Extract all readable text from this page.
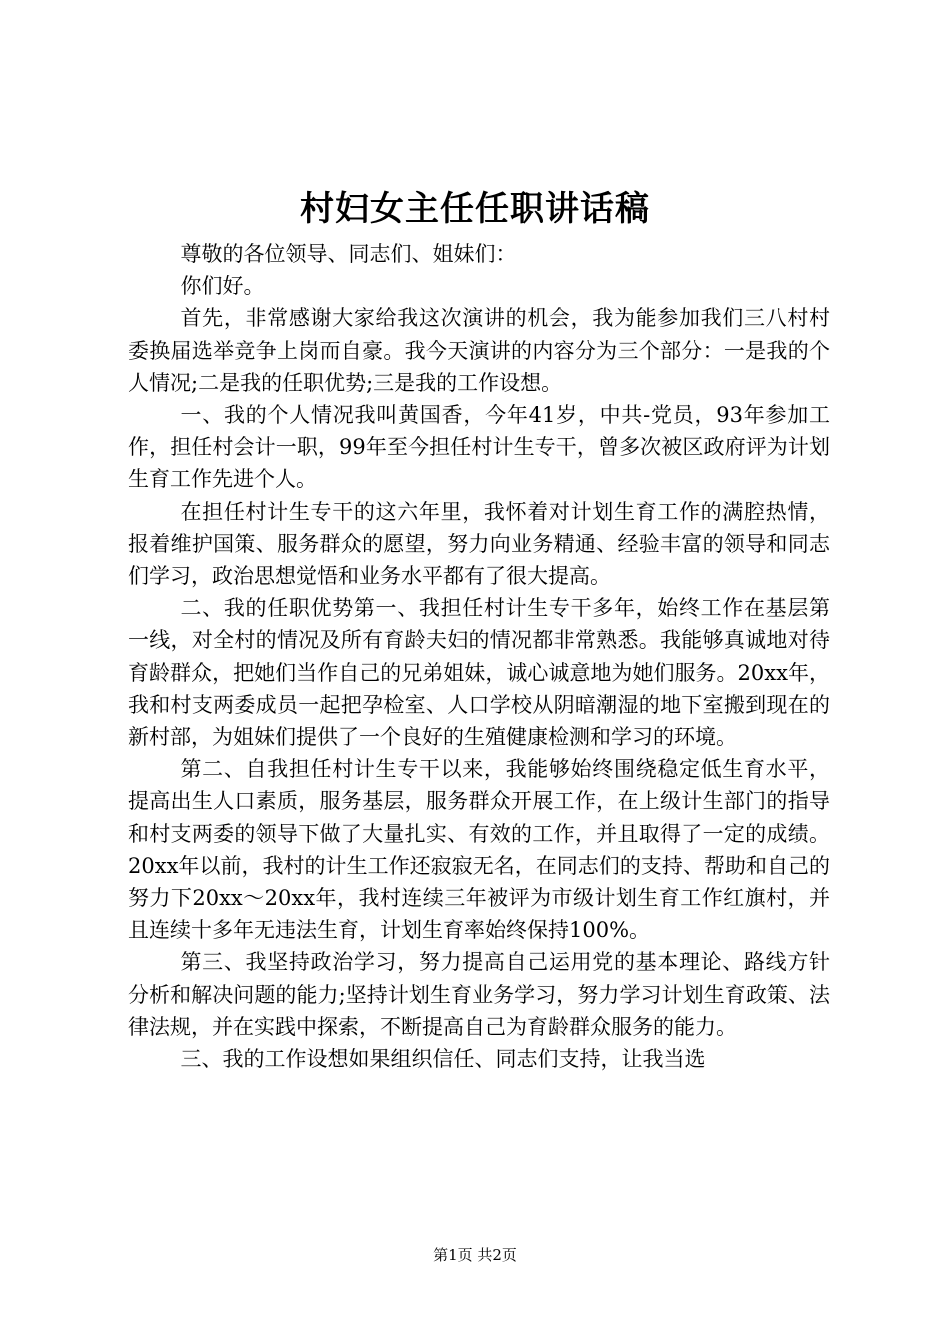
村妇女主任任职讲话稿

尊敬的各位领导、同志们、姐妹们：

你们好。

首先，非常感谢大家给我这次演讲的机会，我为能参加我们三八村村委换届选举竞争上岗而自豪。我今天演讲的内容分为三个部分：一是我的个人情况;二是我的任职优势;三是我的工作设想。

一、我的个人情况我叫黄国香，今年41岁，中共-党员，93年参加工作，担任村会计一职，99年至今担任村计生专干，曾多次被区政府评为计划生育工作先进个人。

在担任村计生专干的这六年里，我怀着对计划生育工作的满腔热情，报着维护国策、服务群众的愿望，努力向业务精通、经验丰富的领导和同志们学习，政治思想觉悟和业务水平都有了很大提高。

二、我的任职优势第一、我担任村计生专干多年，始终工作在基层第一线，对全村的情况及所有育龄夫妇的情况都非常熟悉。我能够真诚地对待育龄群众，把她们当作自己的兄弟姐妹，诚心诚意地为她们服务。20xx年，我和村支两委成员一起把孕检室、人口学校从阴暗潮湿的地下室搬到现在的新村部，为姐妹们提供了一个良好的生殖健康检测和学习的环境。

第二、自我担任村计生专干以来，我能够始终围绕稳定低生育水平，提高出生人口素质，服务基层，服务群众开展工作，在上级计生部门的指导和村支两委的领导下做了大量扎实、有效的工作，并且取得了一定的成绩。20xx年以前，我村的计生工作还寂寂无名，在同志们的支持、帮助和自己的努力下20xx～20xx年，我村连续三年被评为市级计划生育工作红旗村，并且连续十多年无违法生育，计划生育率始终保持100%。

第三、我坚持政治学习，努力提高自己运用党的基本理论、路线方针分析和解决问题的能力;坚持计划生育业务学习，努力学习计划生育政策、法律法规，并在实践中探索，不断提高自己为育龄群众服务的能力。

三、我的工作设想如果组织信任、同志们支持，让我当选

第1页 共2页
